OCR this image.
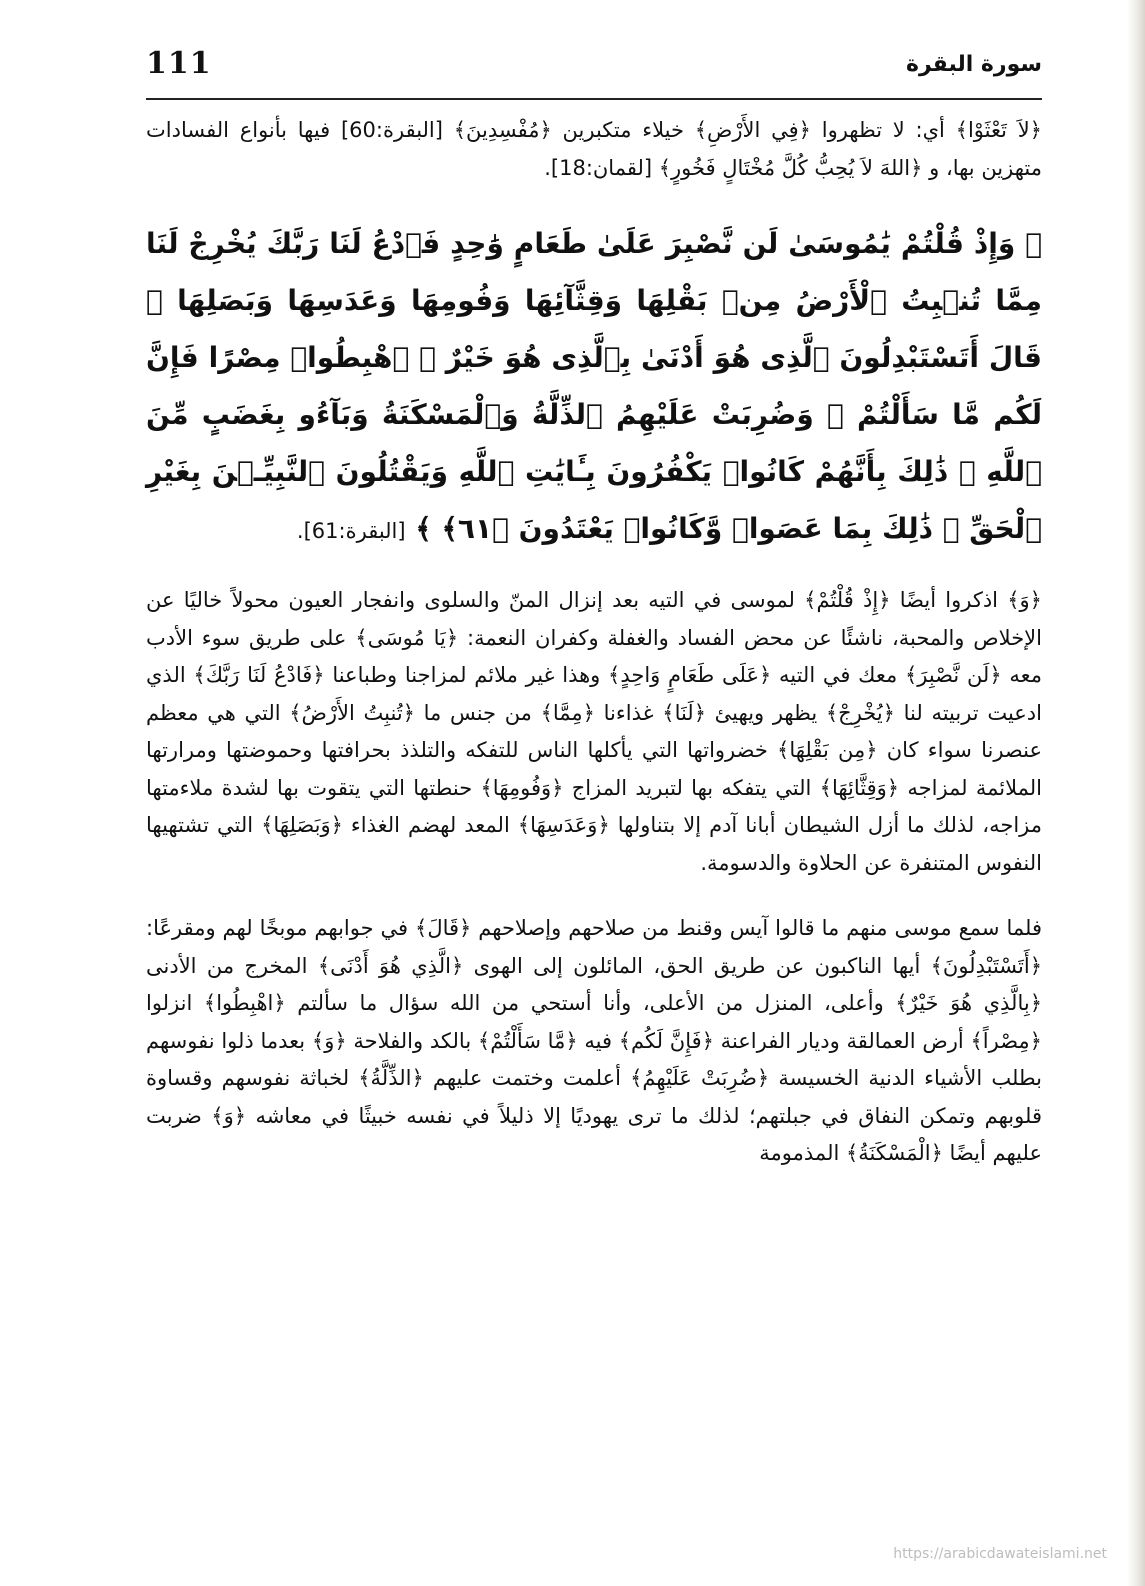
111	سورة البقرة

﴿لاَ تَعْثَوْا﴾ أي: لا تظهروا ﴿فِي الأَرْضِ﴾ خيلاء متكبرين ﴿مُفْسِدِينَ﴾ [البقرة:60] فيها بأنواع الفسادات متهزين بها، و ﴿اللهَ لاَ يُحِبُّ كُلَّ مُخْتَالٍ فَخُورٍ﴾ [لقمان:18].

﴿ وَإِذْ قُلْتُمْ يَٰمُوسَىٰ لَن نَّصْبِرَ عَلَىٰ طَعَامٍ وَٰحِدٍ فَٱدْعُ لَنَا رَبَّكَ يُخْرِجْ لَنَا مِمَّا تُنۢبِتُ ٱلْأَرْضُ مِنۢ بَقْلِهَا وَقِثَّآئِهَا وَفُومِهَا وَعَدَسِهَا وَبَصَلِهَا ۖ قَالَ أَتَسْتَبْدِلُونَ ٱلَّذِى هُوَ أَدْنَىٰ بِٱلَّذِى هُوَ خَيْرٌ ۚ ٱهْبِطُوا۟ مِصْرًا فَإِنَّ لَكُم مَّا سَأَلْتُمْ ۗ وَضُرِبَتْ عَلَيْهِمُ ٱلذِّلَّةُ وَٱلْمَسْكَنَةُ وَبَآءُو بِغَضَبٍ مِّنَ ٱللَّهِ ۗ ذَٰلِكَ بِأَنَّهُمْ كَانُوا۟ يَكْفُرُونَ بِـَٔايَٰتِ ٱللَّهِ وَيَقْتُلُونَ ٱلنَّبِيِّـۧنَ بِغَيْرِ ٱلْحَقِّ ۗ ذَٰلِكَ بِمَا عَصَوا۟ وَّكَانُوا۟ يَعْتَدُونَ ﴿٦١﴾ ﴾ [البقرة:61].

﴿وَ﴾ اذكروا أيضًا ﴿إِذْ قُلْتُمْ﴾ لموسى في التيه بعد إنزال المنّ والسلوى وانفجار العيون محولاً خاليًا عن الإخلاص والمحبة، ناشئًا عن محض الفساد والغفلة وكفران النعمة: ﴿يَا مُوسَى﴾ على طريق سوء الأدب معه ﴿لَن نَّصْبِرَ﴾ معك في التيه ﴿عَلَى طَعَامٍ وَاحِدٍ﴾ وهذا غير ملائم لمزاجنا وطباعنا ﴿فَادْعُ لَنَا رَبَّكَ﴾ الذي ادعيت تربيته لنا ﴿يُخْرِجْ﴾ يظهر ويهيئ ﴿لَنَا﴾ غذاءنا ﴿مِمَّا﴾ من جنس ما ﴿تُنبِتُ الأَرْضُ﴾ التي هي معظم عنصرنا سواء كان ﴿مِن بَقْلِهَا﴾ خضرواتها التي يأكلها الناس للتفكه والتلذذ بحرافتها وحموضتها ومرارتها الملائمة لمزاجه ﴿وَقِثَّائِهَا﴾ التي يتفكه بها لتبريد المزاج ﴿وَفُومِهَا﴾ حنطتها التي يتقوت بها لشدة ملاءمتها مزاجه، لذلك ما أزل الشيطان أبانا آدم إلا بتناولها ﴿وَعَدَسِهَا﴾ المعد لهضم الغذاء ﴿وَبَصَلِهَا﴾ التي تشتهيها النفوس المتنفرة عن الحلاوة والدسومة.

فلما سمع موسى منهم ما قالوا آيس وقنط من صلاحهم وإصلاحهم ﴿قَالَ﴾ في جوابهم موبخًا لهم ومقرعًا: ﴿أَتَسْتَبْدِلُونَ﴾ أيها الناكبون عن طريق الحق، المائلون إلى الهوى ﴿الَّذِي هُوَ أَدْنَى﴾ المخرج من الأدنى ﴿بِالَّذِي هُوَ خَيْرٌ﴾ وأعلى، المنزل من الأعلى، وأنا أستحي من الله سؤال ما سألتم ﴿اهْبِطُوا﴾ انزلوا ﴿مِصْراً﴾ أرض العمالقة وديار الفراعنة ﴿فَإِنَّ لَكُم﴾ فيه ﴿مَّا سَأَلْتُمْ﴾ بالكد والفلاحة ﴿وَ﴾ بعدما ذلوا نفوسهم بطلب الأشياء الدنية الخسيسة ﴿ضُرِبَتْ عَلَيْهِمُ﴾ أعلمت وختمت عليهم ﴿الذِّلَّةُ﴾ لخباثة نفوسهم وقساوة قلوبهم وتمكن النفاق في جبلتهم؛ لذلك ما ترى يهوديًا إلا ذليلاً في نفسه خبيثًا في معاشه ﴿وَ﴾ ضربت عليهم أيضًا ﴿الْمَسْكَنَةُ﴾ المذمومة

https://arabicdawateislami.net
